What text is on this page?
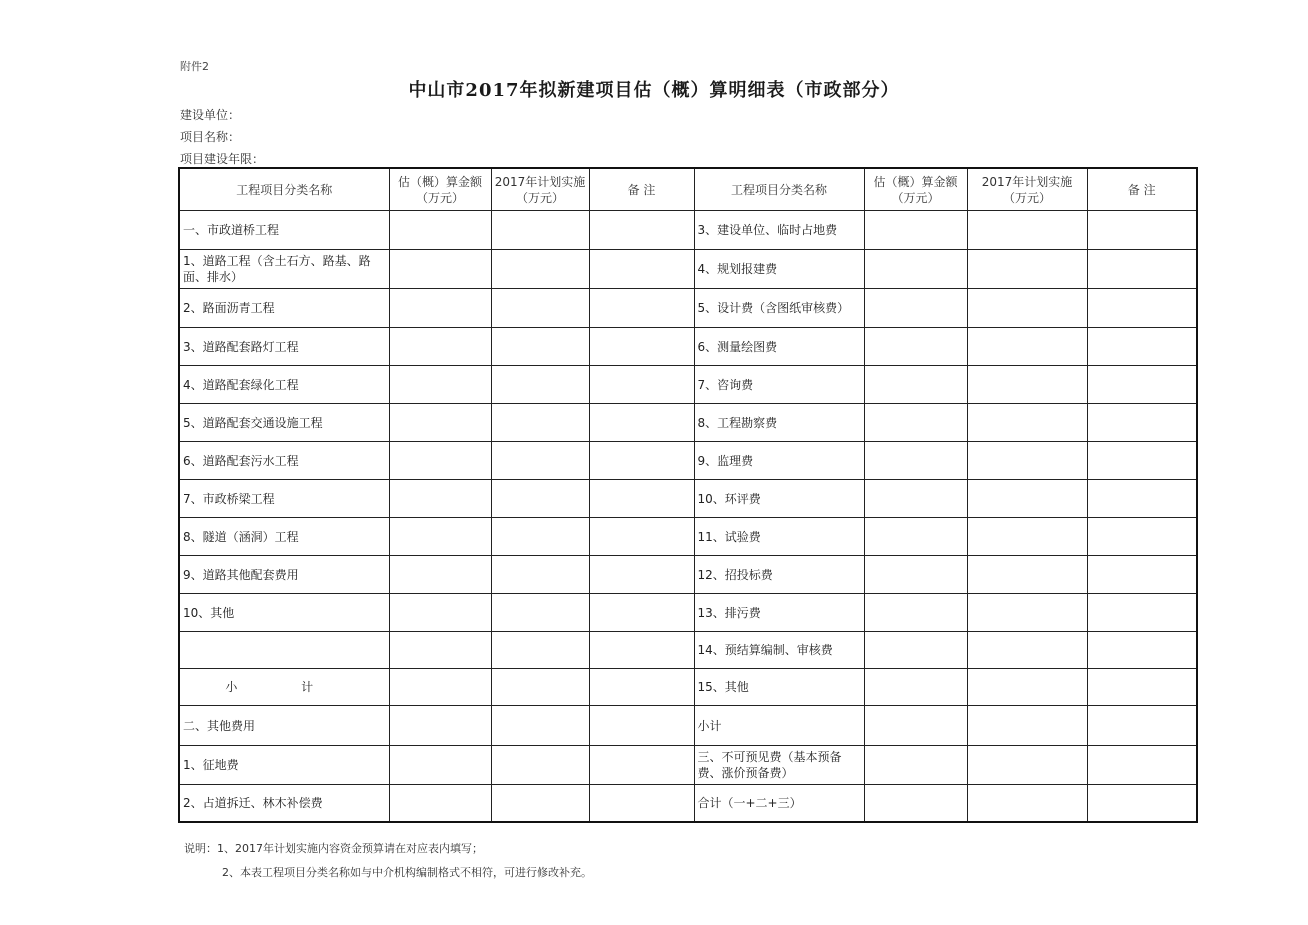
附件2
中山市2017年拟新建项目估（概）算明细表（市政部分）
建设单位：
项目名称：
项目建设年限：
工程项目分类名称	估（概）算金额（万元）	2017年计划实施（万元）	备 注	工程项目分类名称	估（概）算金额（万元）	2017年计划实施（万元）	备 注
一、市政道桥工程				3、建设单位、临时占地费			
1、道路工程（含土石方、路基、路面、排水）				4、规划报建费			
2、路面沥青工程				5、设计费（含图纸审核费）			
3、道路配套路灯工程				6、测量绘图费			
4、道路配套绿化工程				7、咨询费			
5、道路配套交通设施工程				8、工程勘察费			
6、道路配套污水工程				9、监理费			
7、市政桥梁工程				10、环评费			
8、隧道（涵洞）工程				11、试验费			
9、道路其他配套费用				12、招投标费			
10、其他				13、排污费			
				14、预结算编制、审核费			
小 计				15、其他			
二、其他费用				小计			
1、征地费				三、不可预见费（基本预备费、涨价预备费）			
2、占道拆迁、林木补偿费				合计（一+二+三）			
说明：1、2017年计划实施内容资金预算请在对应表内填写；
2、本表工程项目分类名称如与中介机构编制格式不相符，可进行修改补充。
